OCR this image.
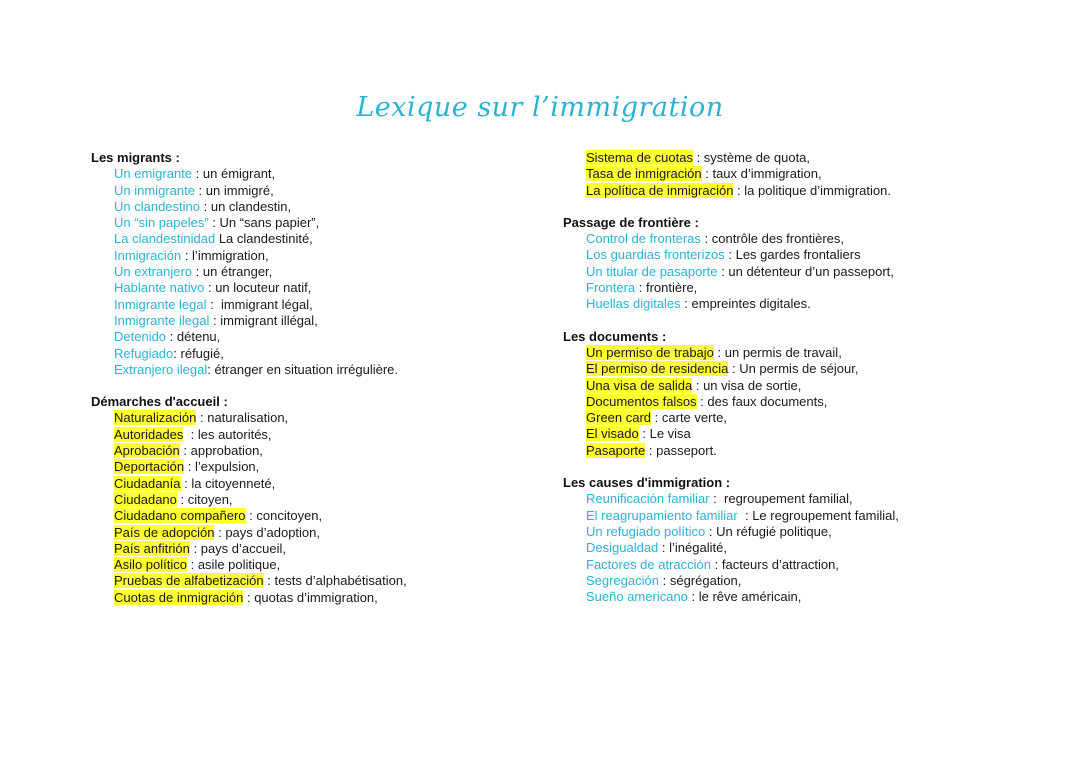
Lexique sur l’immigration
Les migrants :
Un emigrante : un émigrant,
Un inmigrante : un immigré,
Un clandestino : un clandestin,
Un “sin papeles” : Un “sans papier”,
La clandestinidad La clandestinité,
Inmigración : l’immigration,
Un extranjero : un étranger,
Hablante nativo : un locuteur natif,
Inmigrante legal :  immigrant légal,
Inmigrante ilegal : immigrant illégal,
Detenido : détenu,
Refugiado: réfugié,
Extranjero ilegal: étranger en situation irrégulière.
Démarches d'accueil :
Naturalización : naturalisation,
Autoridades  : les autorités,
Aprobación : approbation,
Deportación : l’expulsion,
Ciudadanía : la citoyenneté,
Ciudadano : citoyen,
Ciudadano compañero : concitoyen,
País de adopción : pays d’adoption,
País anfitrión : pays d’accueil,
Asilo político : asile politique,
Pruebas de alfabetización : tests d’alphabétisation,
Cuotas de inmigración : quotas d’immigration,
Sistema de cuotas : système de quota,
Tasa de inmigración : taux d’immigration,
La política de inmigración : la politique d’immigration.
Passage de frontière :
Control de fronteras : contrôle des frontières,
Los guardias fronterizos : Les gardes frontaliers
Un titular de pasaporte : un détenteur d’un passeport,
Frontera : frontière,
Huellas digitales : empreintes digitales.
Les documents :
Un permiso de trabajo : un permis de travail,
El permiso de residencia : Un permis de séjour,
Una visa de salida : un visa de sortie,
Documentos falsos : des faux documents,
Green card : carte verte,
El visado : Le visa
Pasaporte : passeport.
Les causes d'immigration :
Reunificación familiar :  regroupement familial,
El reagrupamiento familiar  : Le regroupement familial,
Un refugiado político : Un réfugié politique,
Desigualdad : l’inégalité,
Factores de atracción : facteurs d’attraction,
Segregación : ségrégation,
Sueño americano : le rêve américain,
